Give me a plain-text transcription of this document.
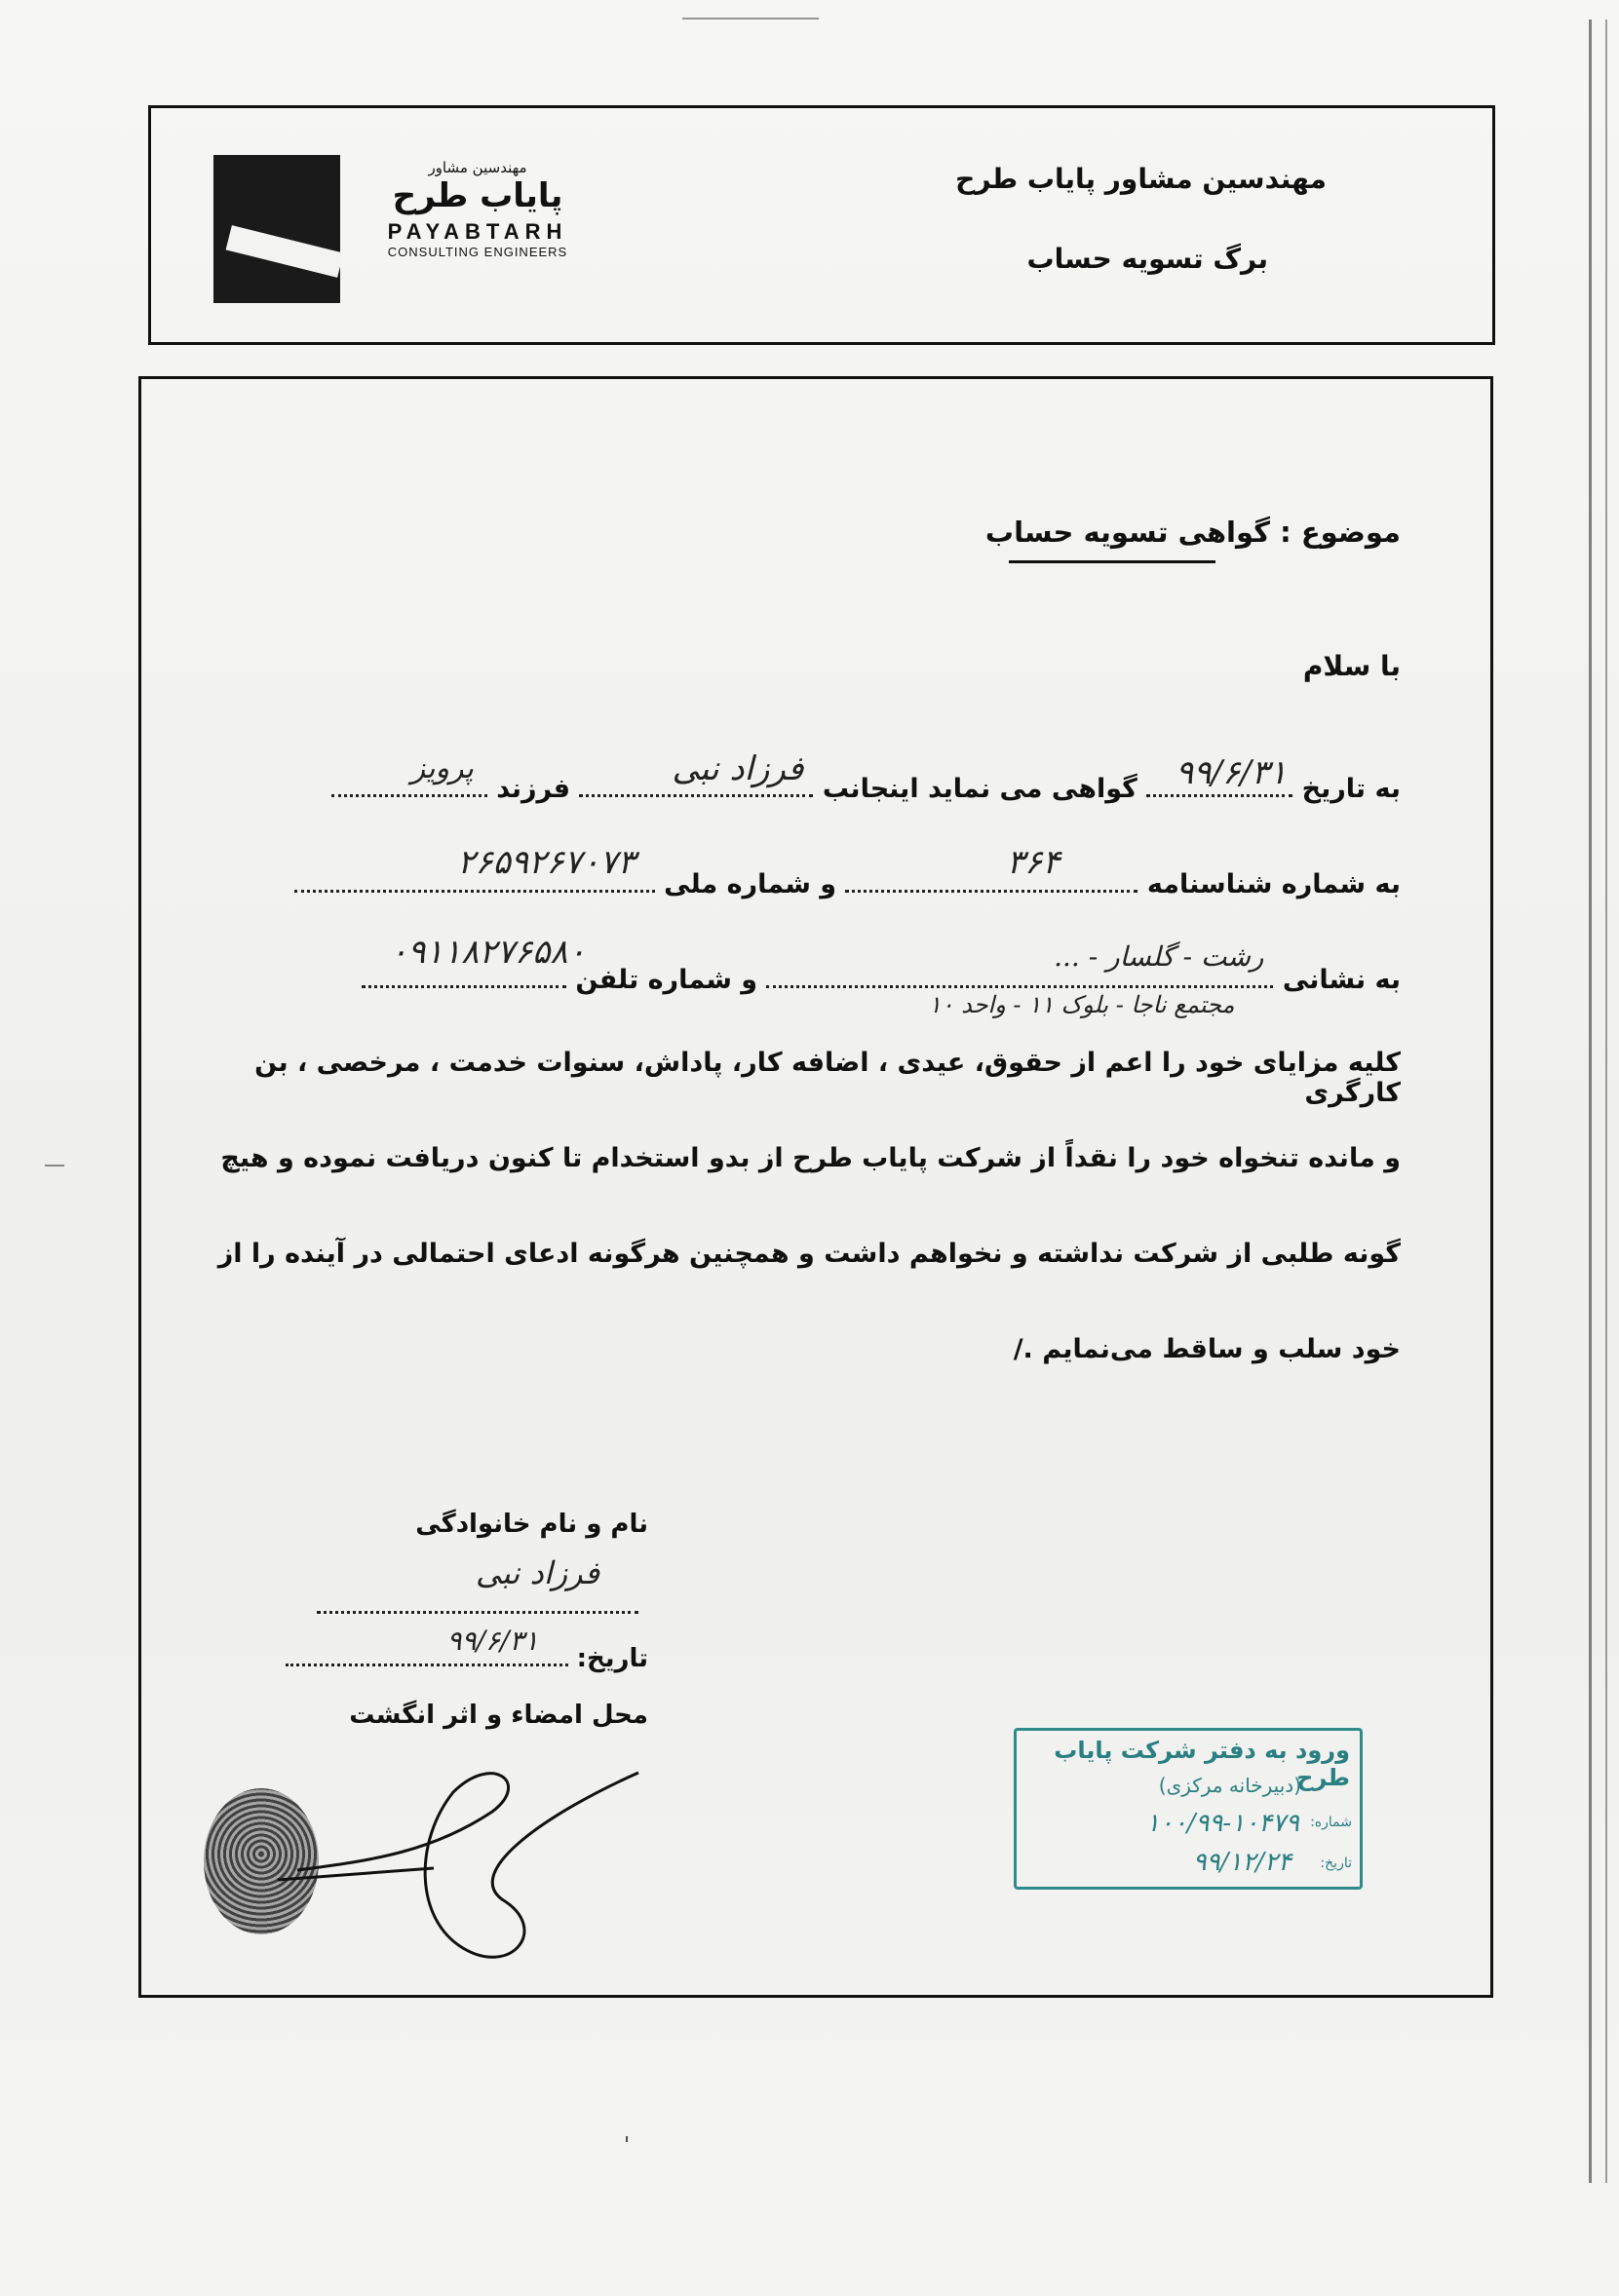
مهندسین مشاور
پایاب طرح
PAYABTARH
CONSULTING ENGINEERS
مهندسین مشاور پایاب طرح
برگ تسویه حساب
موضوع : گواهی تسویه حساب
با سلام
به تاریخ
۹۹/۶/۳۱
گواهی می نماید اینجانب
فرزاد نبی
فرزند
پرویز
به شماره شناسنامه
۳۶۴
و شماره ملی
۲۶۵۹۲۶۷۰۷۳
به نشانی
رشت - گلسار - ...
مجتمع ناجا - بلوک ۱۱ - واحد ۱۰
و شماره تلفن
۰۹۱۱۸۲۷۶۵۸۰
کلیه مزایای خود را اعم از حقوق، عیدی ، اضافه کار، پاداش، سنوات خدمت ، مرخصی ، بن کارگری
و مانده تنخواه خود را نقداً از شرکت پایاب طرح از بدو استخدام تا کنون دریافت نموده و هیچ
گونه طلبی از شرکت نداشته و نخواهم داشت و همچنین هرگونه ادعای احتمالی در آینده را از
خود سلب و ساقط می‌نمایم ./
نام و نام خانوادگی
فرزاد نبی
تاریخ:
۹۹/۶/۳۱
محل امضاء و اثر انگشت
ورود به دفتر شرکت پایاب طرح
(دبیرخانه مرکزی)
شماره:
۱۰۰/۹۹-۱۰۴۷۹
تاریخ:
۹۹/۱۲/۲۴
ˈ
